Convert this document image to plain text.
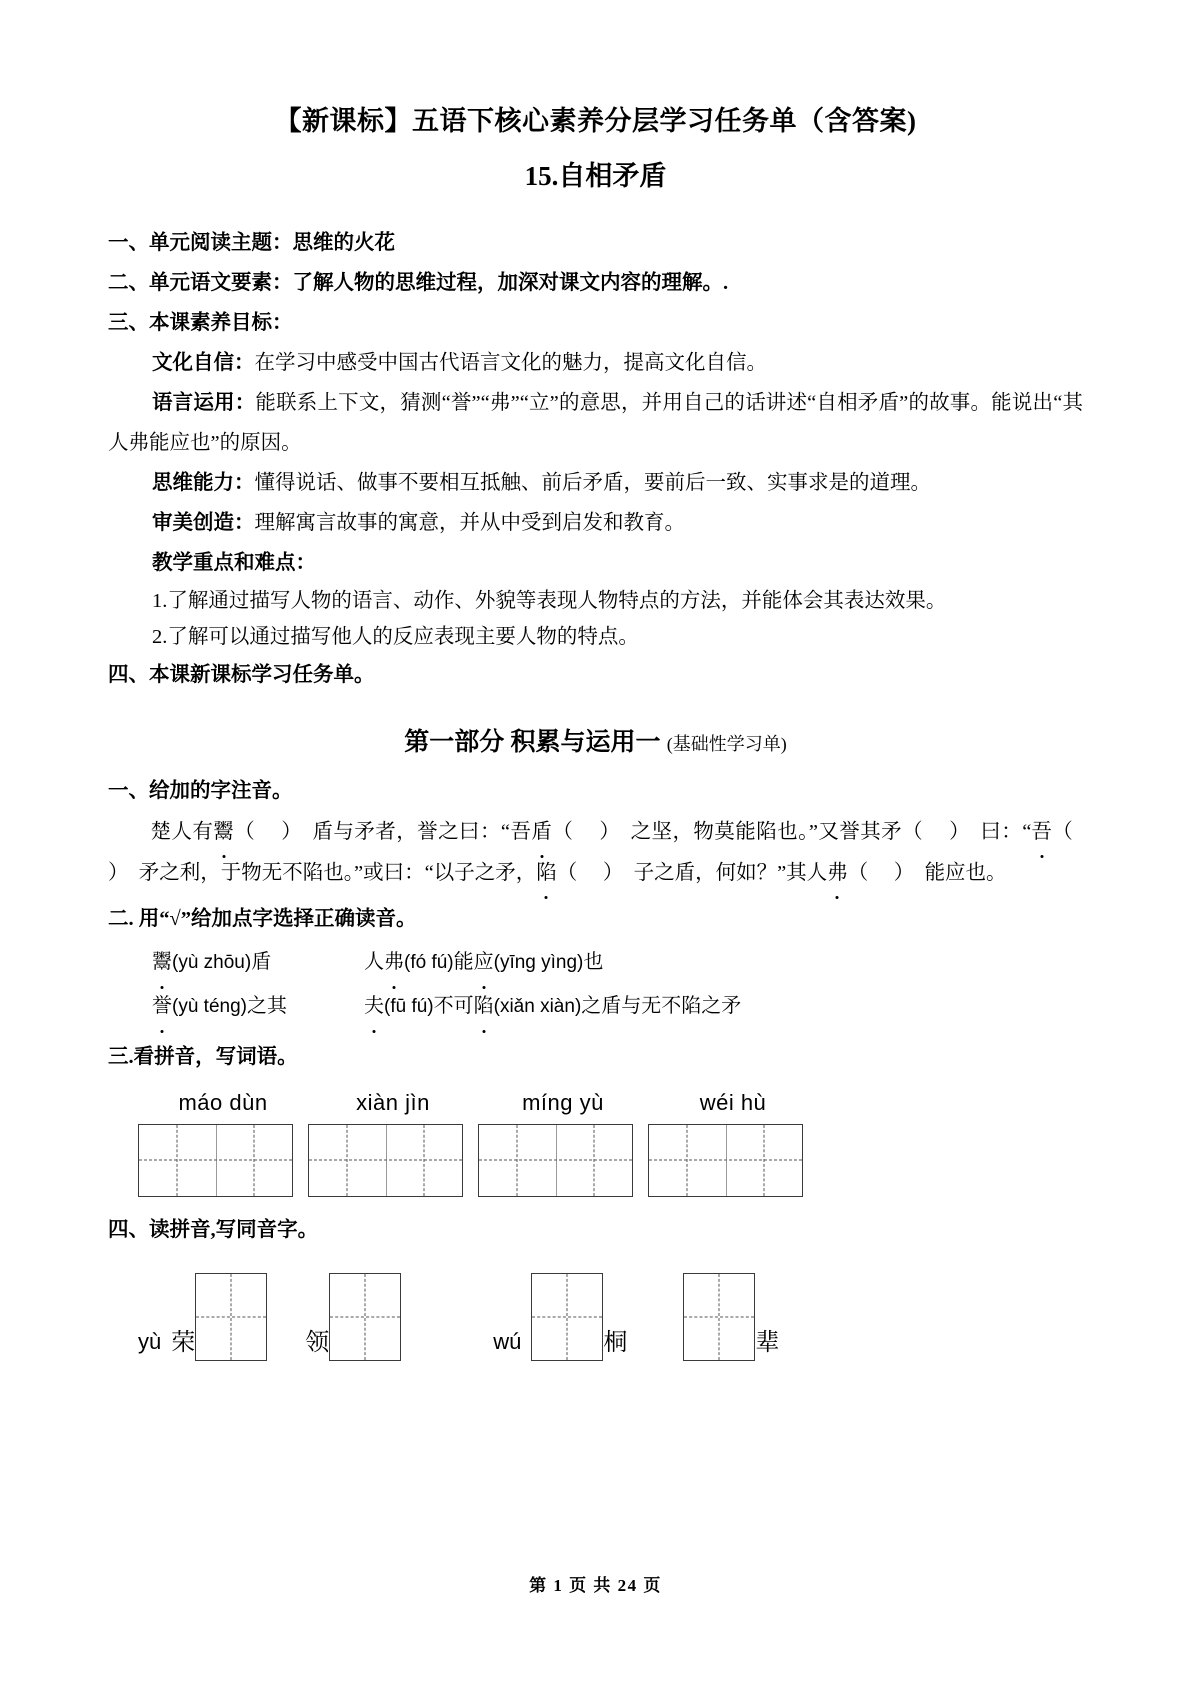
【新课标】五语下核心素养分层学习任务单（含答案)
15.自相矛盾

一、单元阅读主题：思维的火花

二、单元语文要素：了解人物的思维过程，加深对课文内容的理解。.

三、本课素养目标：

文化自信：在学习中感受中国古代语言文化的魅力，提高文化自信。

语言运用：能联系上下文，猜测“誉”“弗”“立”的意思，并用自己的话讲述“自相矛盾”的故事。能说出“其人弗能应也”的原因。

思维能力：懂得说话、做事不要相互抵触、前后矛盾，要前后一致、实事求是的道理。

审美创造：理解寓言故事的寓意，并从中受到启发和教育。

教学重点和难点：

1.了解通过描写人物的语言、动作、外貌等表现人物特点的方法，并能体会其表达效果。

2.了解可以通过描写他人的反应表现主要人物的特点。

四、本课新课标学习任务单。

第一部分 积累与运用一 (基础性学习单)

一、给加的字注音。

楚人有鬻（ ）盾与矛者，誉之曰：“吾盾（ ）之坚，物莫能陷也。”又誉其矛（ ）曰：“吾（ ）矛之利，于物无不陷也。”或曰：“以子之矛，陷（ ）子之盾，何如？”其人弗（ ）能应也。

二. 用“√”给加点字选择正确读音。

鬻(yù zhōu)盾	人弗(fó fú)能应(yīng yìng)也
誉(yù téng)之其	夫(fū fú)不可陷(xiǎn xiàn)之盾与无不陷之矛

三.看拼音，写词语。

máo dùn	xiàn jìn	míng yù	wéi hù

四、读拼音,写同音字。

yù 荣	领	wú	桐	辈
第 1 页 共 24 页
